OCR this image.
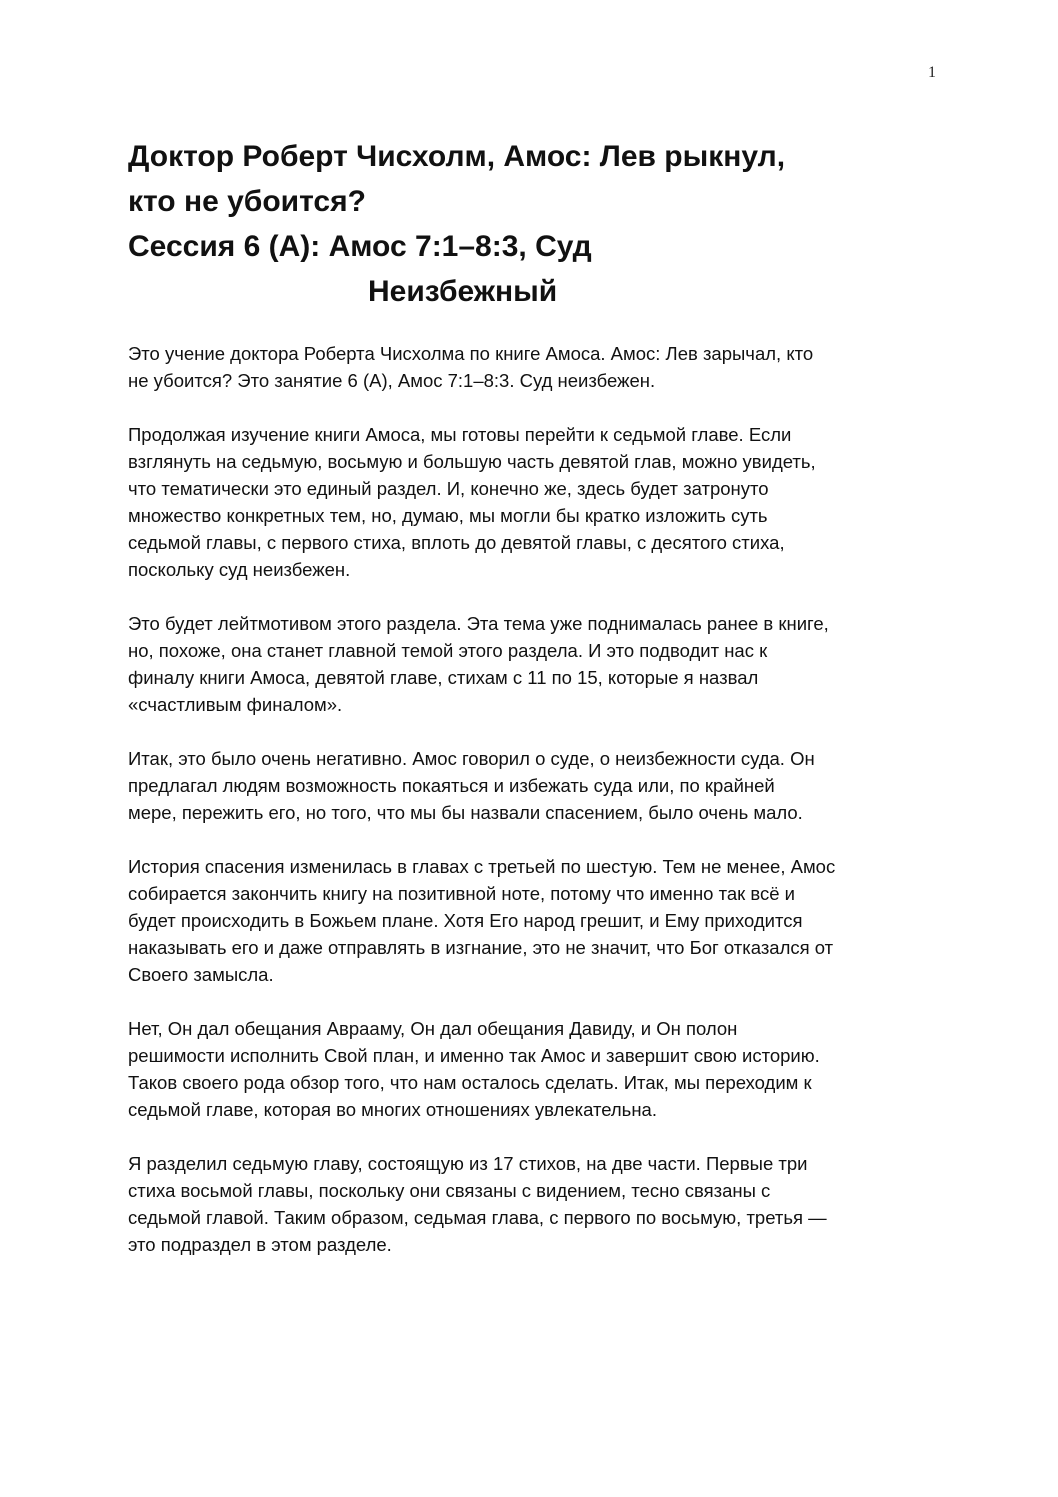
1
Доктор Роберт Чисхолм, Амос: Лев рыкнул,
кто не убоится?
Сессия 6 (A): Амос 7:1–8:3, Суд
Неизбежный

Это учение доктора Роберта Чисхолма по книге Амоса. Амос: Лев зарычал, кто
не убоится? Это занятие 6 (A), Амос 7:1–8:3. Суд неизбежен.

Продолжая изучение книги Амоса, мы готовы перейти к седьмой главе. Если
взглянуть на седьмую, восьмую и большую часть девятой глав, можно увидеть,
что тематически это единый раздел. И, конечно же, здесь будет затронуто
множество конкретных тем, но, думаю, мы могли бы кратко изложить суть
седьмой главы, с первого стиха, вплоть до девятой главы, с десятого стиха,
поскольку суд неизбежен.

Это будет лейтмотивом этого раздела. Эта тема уже поднималась ранее в книге,
но, похоже, она станет главной темой этого раздела. И это подводит нас к
финалу книги Амоса, девятой главе, стихам с 11 по 15, которые я назвал
«счастливым финалом».

Итак, это было очень негативно. Амос говорил о суде, о неизбежности суда. Он
предлагал людям возможность покаяться и избежать суда или, по крайней
мере, пережить его, но того, что мы бы назвали спасением, было очень мало.

История спасения изменилась в главах с третьей по шестую. Тем не менее, Амос
собирается закончить книгу на позитивной ноте, потому что именно так всё и
будет происходить в Божьем плане. Хотя Его народ грешит, и Ему приходится
наказывать его и даже отправлять в изгнание, это не значит, что Бог отказался от
Своего замысла.

Нет, Он дал обещания Аврааму, Он дал обещания Давиду, и Он полон
решимости исполнить Свой план, и именно так Амос и завершит свою историю.
Таков своего рода обзор того, что нам осталось сделать. Итак, мы переходим к
седьмой главе, которая во многих отношениях увлекательна.

Я разделил седьмую главу, состоящую из 17 стихов, на две части. Первые три
стиха восьмой главы, поскольку они связаны с видением, тесно связаны с
седьмой главой. Таким образом, седьмая глава, с первого по восьмую, третья —
это подраздел в этом разделе.
